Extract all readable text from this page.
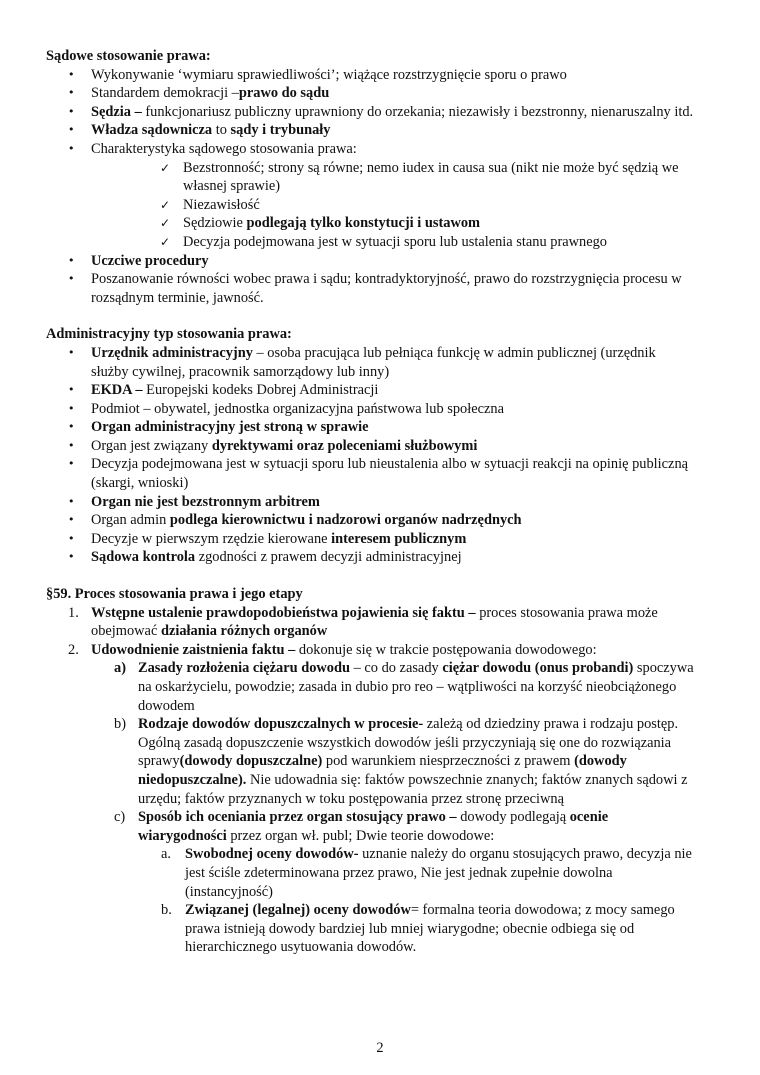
Sądowe stosowanie prawa:

• Wykonywanie ‘wymiaru sprawiedliwości’; wiążące rozstrzygnięcie sporu o prawo
• Standardem demokracji –prawo do sądu
• Sędzia – funkcjonariusz publiczny uprawniony do orzekania; niezawisły i bezstronny, nienaruszalny itd.
• Władza sądownicza to sądy i trybunały
• Charakterystyka sądowego stosowania prawa:
✓ Bezstronność; strony są równe; nemo iudex in causa sua (nikt nie może być sędzią we własnej sprawie)
✓ Niezawisłość
✓ Sędziowie podlegają tylko konstytucji i ustawom
✓ Decyzja podejmowana jest w sytuacji sporu lub ustalenia stanu prawnego
• Uczciwe procedury
• Poszanowanie równości wobec prawa i sądu; kontradyktoryjność, prawo do rozstrzygnięcia procesu w rozsądnym terminie, jawność.

Administracyjny typ stosowania prawa:

• Urzędnik administracyjny – osoba pracująca lub pełniąca funkcję w admin publicznej (urzędnik służby cywilnej, pracownik samorządowy lub inny)
• EKDA – Europejski kodeks Dobrej Administracji
• Podmiot – obywatel, jednostka organizacyjna państwowa lub społeczna
• Organ administracyjny jest stroną w sprawie
• Organ jest związany dyrektywami oraz poleceniami służbowymi
• Decyzja podejmowana jest w sytuacji sporu lub nieustalenia albo w sytuacji reakcji na opinię publiczną (skargi, wnioski)
• Organ nie jest bezstronnym arbitrem
• Organ admin podlega kierownictwu i nadzorowi organów nadrzędnych
• Decyzje w pierwszym rzędzie kierowane interesem publicznym
• Sądowa kontrola zgodności z prawem decyzji administracyjnej

§59. Proces stosowania prawa i jego etapy

1. Wstępne ustalenie prawdopodobieństwa pojawienia się faktu – proces stosowania prawa może obejmować działania różnych organów
2. Udowodnienie zaistnienia faktu – dokonuje się w trakcie postępowania dowodowego:
a) Zasady rozłożenia ciężaru dowodu – co do zasady ciężar dowodu (onus probandi) spoczywa na oskarżycielu, powodzie; zasada in dubio pro reo – wątpliwości na korzyść nieobciążonego dowodem
b) Rodzaje dowodów dopuszczalnych w procesie- zależą od dziedziny prawa i rodzaju postęp. Ogólną zasadą dopuszczenie wszystkich dowodów jeśli przyczyniają się one do rozwiązania sprawy(dowody dopuszczalne) pod warunkiem niesprzeczności z prawem (dowody niedopuszczalne). Nie udowadnia się: faktów powszechnie znanych; faktów znanych sądowi z urzędu; faktów przyznanych w toku postępowania przez stronę przeciwną
c) Sposób ich oceniania przez organ stosujący prawo – dowody podlegają ocenie wiarygodności przez organ wł. publ; Dwie teorie dowodowe:
a. Swobodnej oceny dowodów- uznanie należy do organu stosujących prawo, decyzja nie jest ściśle zdeterminowana przez prawo, Nie jest jednak zupełnie dowolna (instancyjność)
b. Związanej (legalnej) oceny dowodów= formalna teoria dowodowa; z mocy samego prawa istnieją dowody bardziej lub mniej wiarygodne; obecnie odbiega się od hierarchicznego usytuowania dowodów.
2
